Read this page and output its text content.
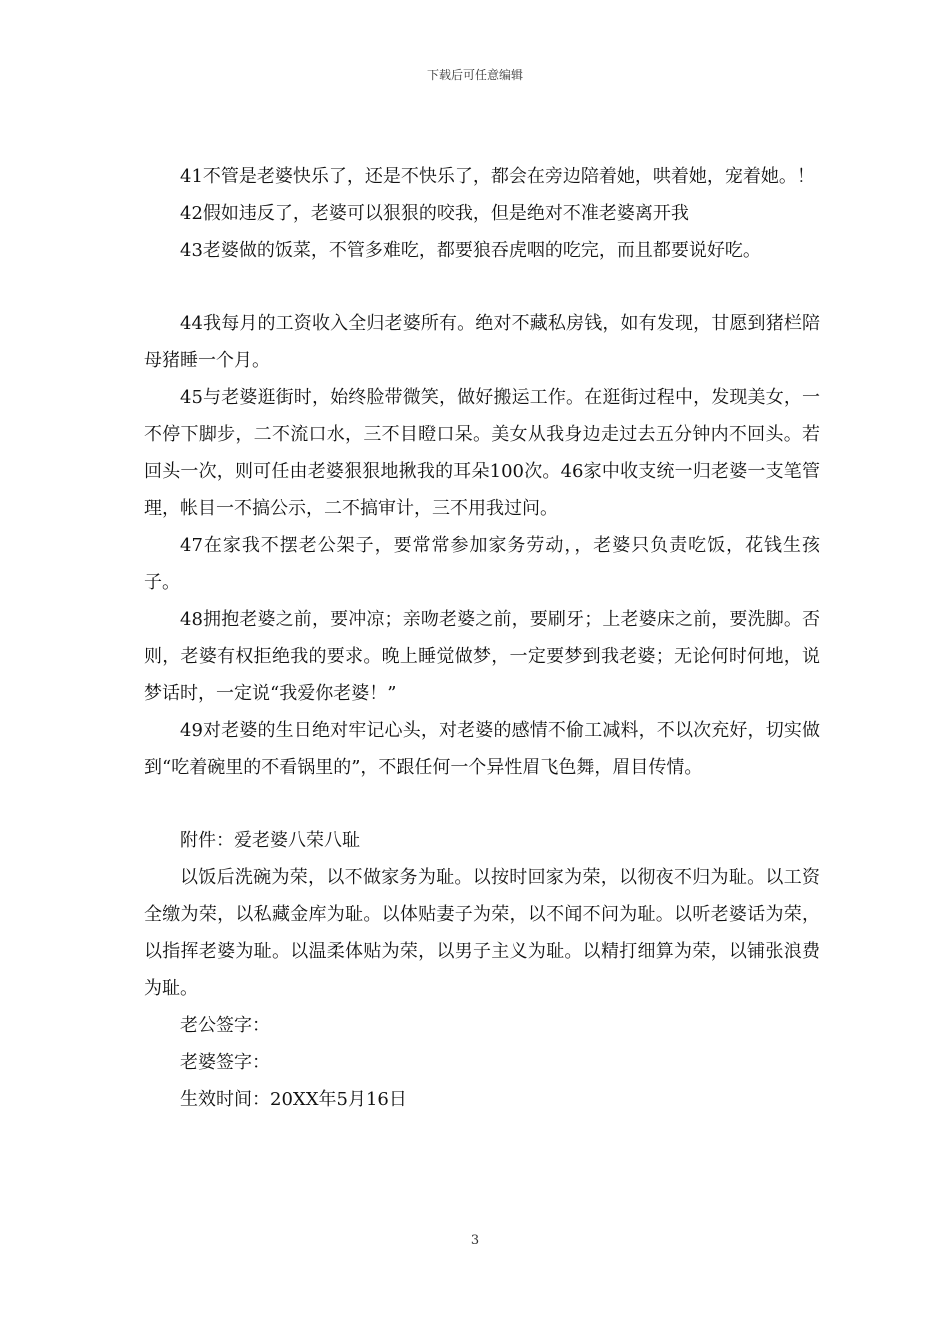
下载后可任意编辑

41不管是老婆快乐了，还是不快乐了，都会在旁边陪着她，哄着她，宠着她。！

42假如违反了，老婆可以狠狠的咬我，但是绝对不准老婆离开我

43老婆做的饭菜，不管多难吃，都要狼吞虎咽的吃完，而且都要说好吃。

44我每月的工资收入全归老婆所有。绝对不藏私房钱，如有发现，甘愿到猪栏陪母猪睡一个月。

45与老婆逛街时，始终脸带微笑，做好搬运工作。在逛街过程中，发现美女，一不停下脚步，二不流口水，三不目瞪口呆。美女从我身边走过去五分钟内不回头。若回头一次，则可任由老婆狠狠地揪我的耳朵100次。46家中收支统一归老婆一支笔管理，帐目一不搞公示，二不搞审计，三不用我过问。

47在家我不摆老公架子，要常常参加家务劳动，，老婆只负责吃饭，花钱生孩子。

48拥抱老婆之前，要冲凉；亲吻老婆之前，要刷牙；上老婆床之前，要洗脚。否则，老婆有权拒绝我的要求。晚上睡觉做梦，一定要梦到我老婆；无论何时何地，说梦话时，一定说“我爱你老婆！”

49对老婆的生日绝对牢记心头，对老婆的感情不偷工减料，不以次充好，切实做到“吃着碗里的不看锅里的”，不跟任何一个异性眉飞色舞，眉目传情。

附件：爱老婆八荣八耻

以饭后洗碗为荣，以不做家务为耻。以按时回家为荣，以彻夜不归为耻。以工资全缴为荣，以私藏金库为耻。以体贴妻子为荣，以不闻不问为耻。以听老婆话为荣，以指挥老婆为耻。以温柔体贴为荣，以男子主义为耻。以精打细算为荣，以铺张浪费为耻。

老公签字：

老婆签字：

生效时间：20XX年5月16日

3
